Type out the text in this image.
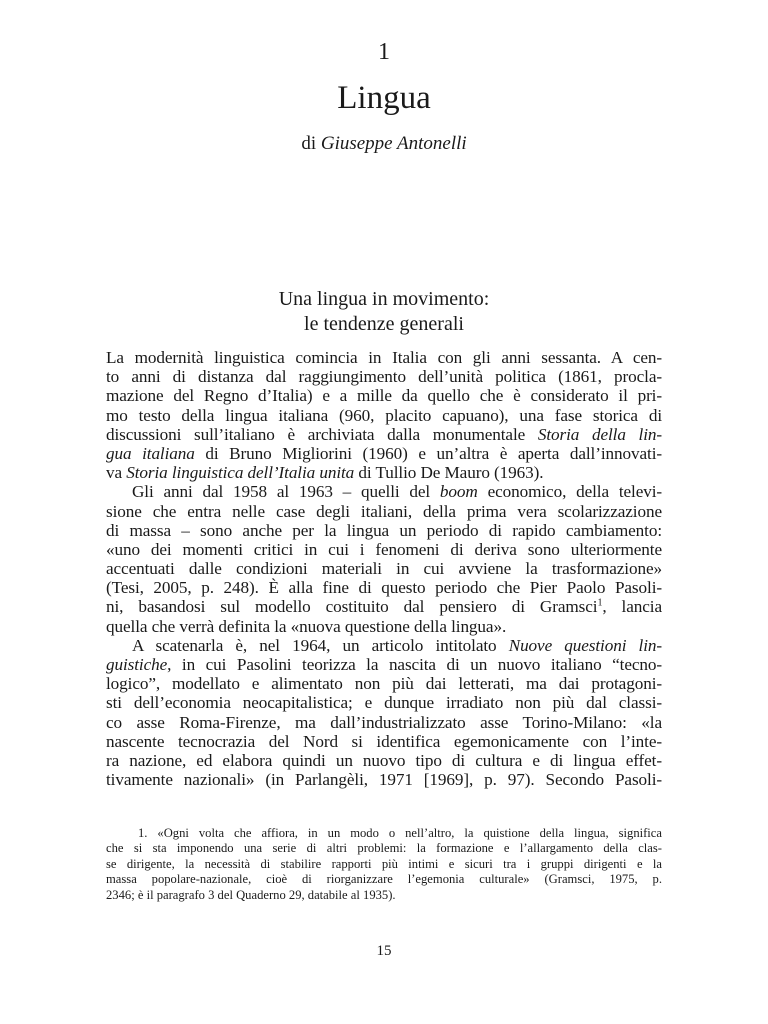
1
Lingua
di Giuseppe Antonelli
Una lingua in movimento:
le tendenze generali
La modernità linguistica comincia in Italia con gli anni sessanta. A cen-
to anni di distanza dal raggiungimento dell’unità politica (1861, procla-
mazione del Regno d’Italia) e a mille da quello che è considerato il pri-
mo testo della lingua italiana (960, placito capuano), una fase storica di
discussioni sull’italiano è archiviata dalla monumentale Storia della lin-
gua italiana di Bruno Migliorini (1960) e un’altra è aperta dall’innovati-
va Storia linguistica dell’Italia unita di Tullio De Mauro (1963).
Gli anni dal 1958 al 1963 – quelli del boom economico, della televi-
sione che entra nelle case degli italiani, della prima vera scolarizzazione
di massa – sono anche per la lingua un periodo di rapido cambiamento:
«uno dei momenti critici in cui i fenomeni di deriva sono ulteriormente
accentuati dalle condizioni materiali in cui avviene la trasformazione»
(Tesi, 2005, p. 248). È alla fine di questo periodo che Pier Paolo Pasoli-
ni, basandosi sul modello costituito dal pensiero di Gramsci$^1$, lancia
quella che verrà definita la «nuova questione della lingua».
A scatenarla è, nel 1964, un articolo intitolato Nuove questioni lin-
guistiche, in cui Pasolini teorizza la nascita di un nuovo italiano “tecno-
logico”, modellato e alimentato non più dai letterati, ma dai protagoni-
sti dell’economia neocapitalistica; e dunque irradiato non più dal classi-
co asse Roma-Firenze, ma dall’industrializzato asse Torino-Milano: «la
nascente tecnocrazia del Nord si identifica egemonicamente con l’inte-
ra nazione, ed elabora quindi un nuovo tipo di cultura e di lingua effet-
tivamente nazionali» (in Parlangèli, 1971 [1969], p. 97). Secondo Pasoli-
1. «Ogni volta che affiora, in un modo o nell’altro, la quistione della lingua, significa
che si sta imponendo una serie di altri problemi: la formazione e l’allargamento della clas-
se dirigente, la necessità di stabilire rapporti più intimi e sicuri tra i gruppi dirigenti e la
massa popolare-nazionale, cioè di riorganizzare l’egemonia culturale» (Gramsci, 1975, p.
2346; è il paragrafo 3 del Quaderno 29, databile al 1935).
15
